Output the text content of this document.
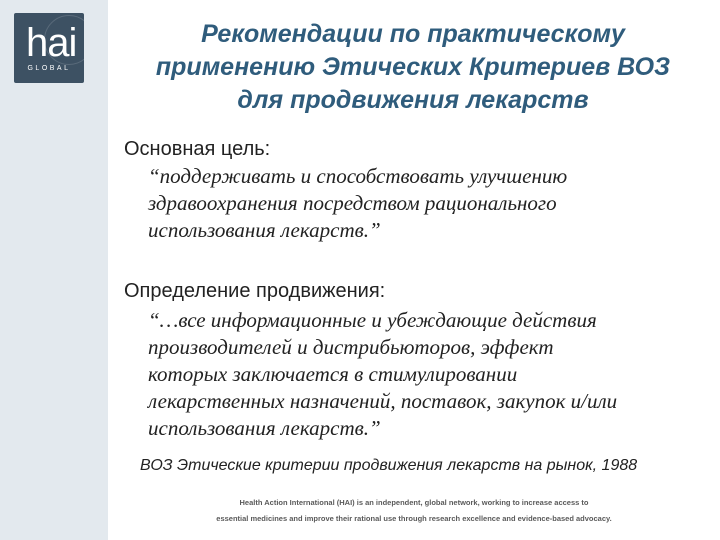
hai
GLOBAL
Рекомендации по практическому
применению Этических Критериев ВОЗ
для продвижения лекарств
Основная цель:
“поддерживать и способствовать улучшению
здравоохранения посредством рационального
использования лекарств.”
Определение продвижения:
“…все информационные и убеждающие действия
производителей и дистрибьюторов, эффект
которых заключается в стимулировании
лекарственных назначений, поставок, закупок и/или
использования лекарств.”
ВОЗ Этические критерии продвижения лекарств на рынок, 1988
Health Action International (HAI) is an independent, global network, working to increase access to
essential medicines and improve their rational use through research excellence and evidence-based advocacy.
